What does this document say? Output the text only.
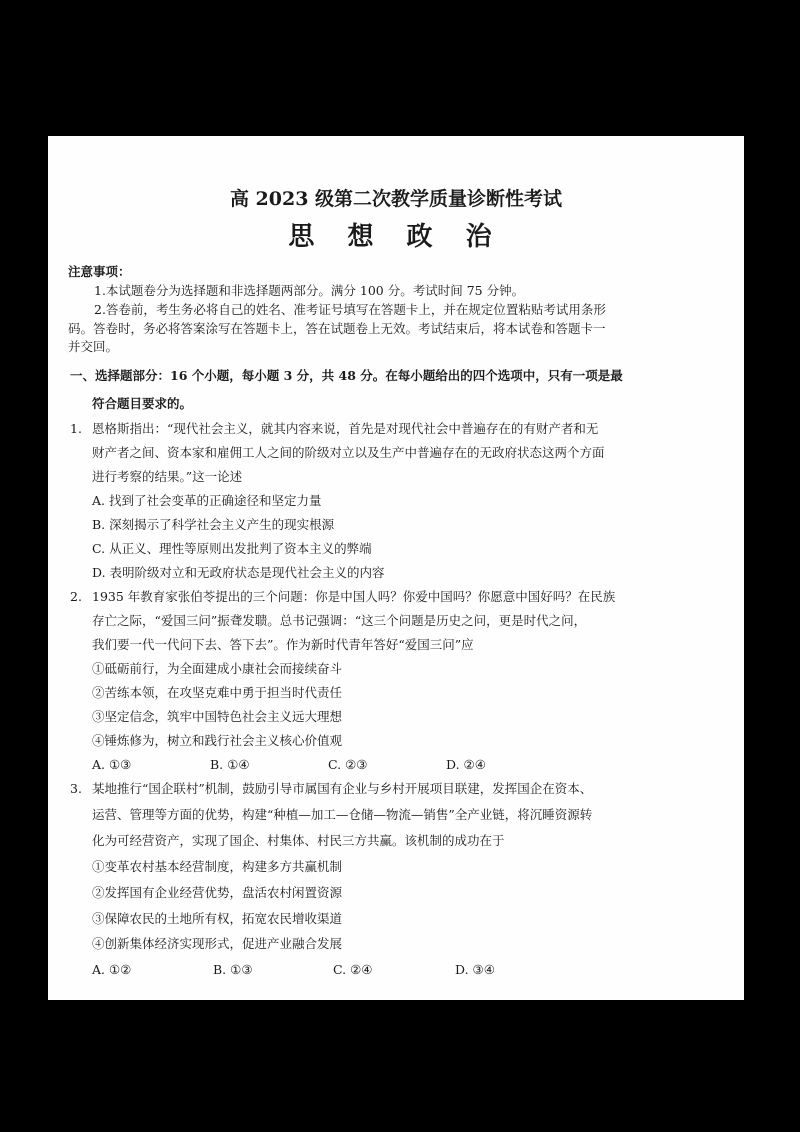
高 2023 级第二次教学质量诊断性考试
思 想 政 治
注意事项：
1.本试题卷分为选择题和非选择题两部分。满分 100 分。考试时间 75 分钟。
2.答卷前，考生务必将自己的姓名、准考证号填写在答题卡上，并在规定位置粘贴考试用条形
码。答卷时，务必将答案涂写在答题卡上，答在试题卷上无效。考试结束后，将本试卷和答题卡一
并交回。
一、选择题部分：16 个小题，每小题 3 分，共 48 分。在每小题给出的四个选项中，只有一项是最
符合题目要求的。
1. 恩格斯指出：“现代社会主义，就其内容来说，首先是对现代社会中普遍存在的有财产者和无
财产者之间、资本家和雇佣工人之间的阶级对立以及生产中普遍存在的无政府状态这两个方面
进行考察的结果。”这一论述
A. 找到了社会变革的正确途径和坚定力量
B. 深刻揭示了科学社会主义产生的现实根源
C. 从正义、理性等原则出发批判了资本主义的弊端
D. 表明阶级对立和无政府状态是现代社会主义的内容
2. 1935 年教育家张伯苓提出的三个问题：你是中国人吗？你爱中国吗？你愿意中国好吗？在民族
存亡之际，“爱国三问”振聋发聩。总书记强调：“这三个问题是历史之问，更是时代之问，
我们要一代一代问下去、答下去”。作为新时代青年答好“爱国三问”应
①砥砺前行，为全面建成小康社会而接续奋斗
②苦练本领，在攻坚克难中勇于担当时代责任
③坚定信念，筑牢中国特色社会主义远大理想
④锤炼修为，树立和践行社会主义核心价值观
A. ①③	B. ①④	C. ②③	D. ②④
3. 某地推行“国企联村”机制，鼓励引导市属国有企业与乡村开展项目联建，发挥国企在资本、
运营、管理等方面的优势，构建“种植—加工—仓储—物流—销售”全产业链，将沉睡资源转
化为可经营资产，实现了国企、村集体、村民三方共赢。该机制的成功在于
①变革农村基本经营制度，构建多方共赢机制
②发挥国有企业经营优势，盘活农村闲置资源
③保障农民的土地所有权，拓宽农民增收渠道
④创新集体经济实现形式，促进产业融合发展
A. ①②	B. ①③	C. ②④	D. ③④
